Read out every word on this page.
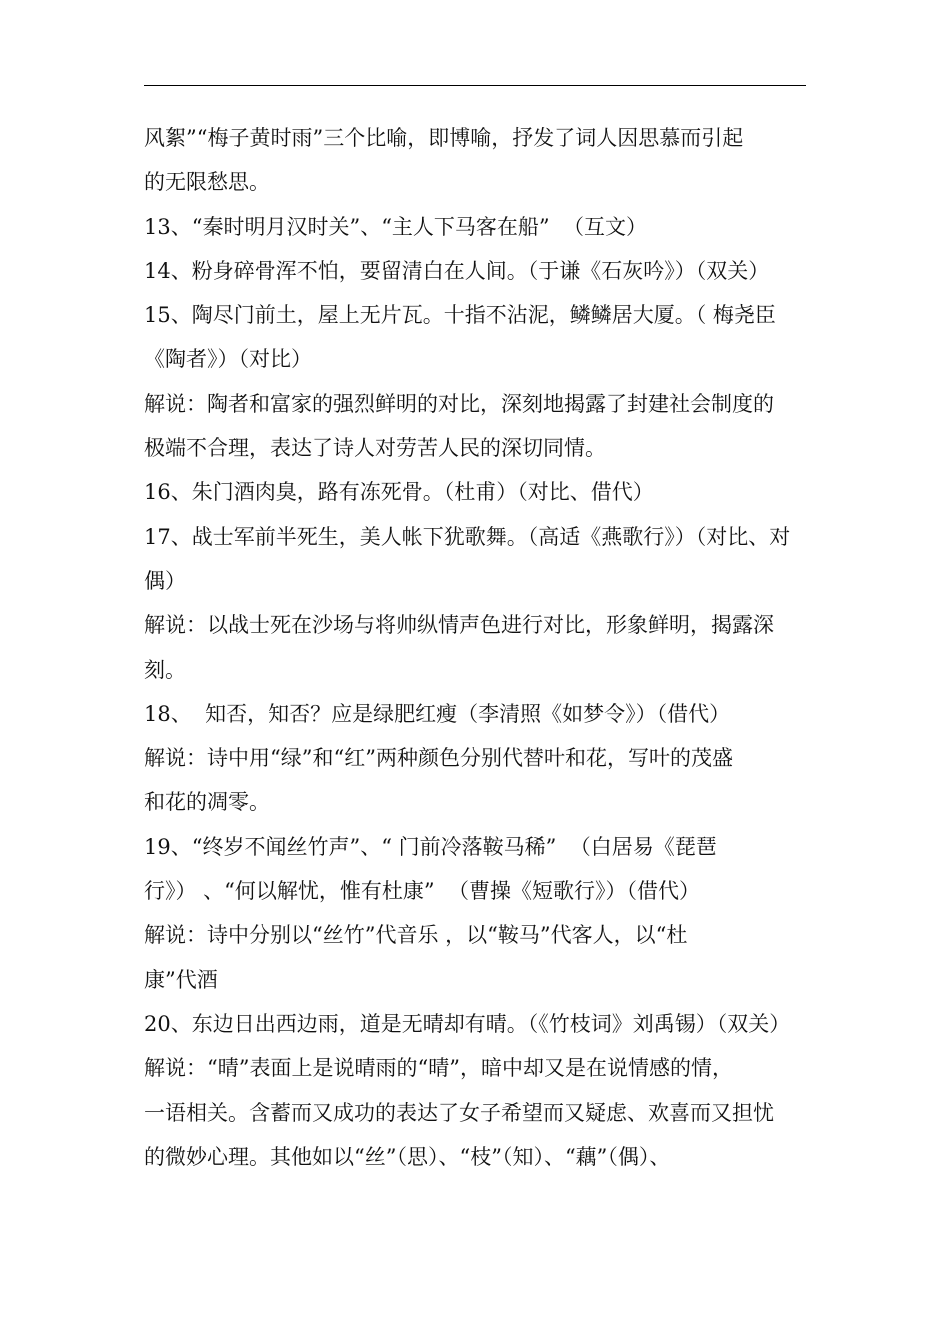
风絮”“梅子黄时雨”三个比喻，即博喻，抒发了词人因思慕而引起
的无限愁思。
13、“秦时明月汉时关”、“主人下马客在船”  （互文）
14、粉身碎骨浑不怕，要留清白在人间。（于谦《石灰吟》）（双关）
15、陶尽门前土，屋上无片瓦。十指不沾泥，鳞鳞居大厦。（ 梅尧臣
《陶者》）（对比）
解说：陶者和富家的强烈鲜明的对比，深刻地揭露了封建社会制度的
极端不合理，表达了诗人对劳苦人民的深切同情。
16、朱门酒肉臭，路有冻死骨。（杜甫）（对比、借代）
17、战士军前半死生，美人帐下犹歌舞。（高适《燕歌行》）（对比、对
偶）
解说：以战士死在沙场与将帅纵情声色进行对比，形象鲜明，揭露深
刻。
18、  知否，知否？应是绿肥红瘦（李清照《如梦令》）（借代）
解说：诗中用“绿”和“红”两种颜色分别代替叶和花，写叶的茂盛
和花的凋零。
19、“终岁不闻丝竹声”、“ 门前冷落鞍马稀”  （白居易《琵琶
行》） 、“何以解忧，惟有杜康”  （曹操《短歌行》）（借代）
解说：诗中分别以“丝竹”代音乐 ，以“鞍马”代客人，以“杜
康”代酒
20、东边日出西边雨，道是无晴却有晴。（《竹枝词》刘禹锡）（双关）
解说：“晴”表面上是说晴雨的“晴”，暗中却又是在说情感的情，
一语相关。含蓄而又成功的表达了女子希望而又疑虑、欢喜而又担忧
的微妙心理。其他如以“丝”（思）、“枝”（知）、“藕”（偶）、
